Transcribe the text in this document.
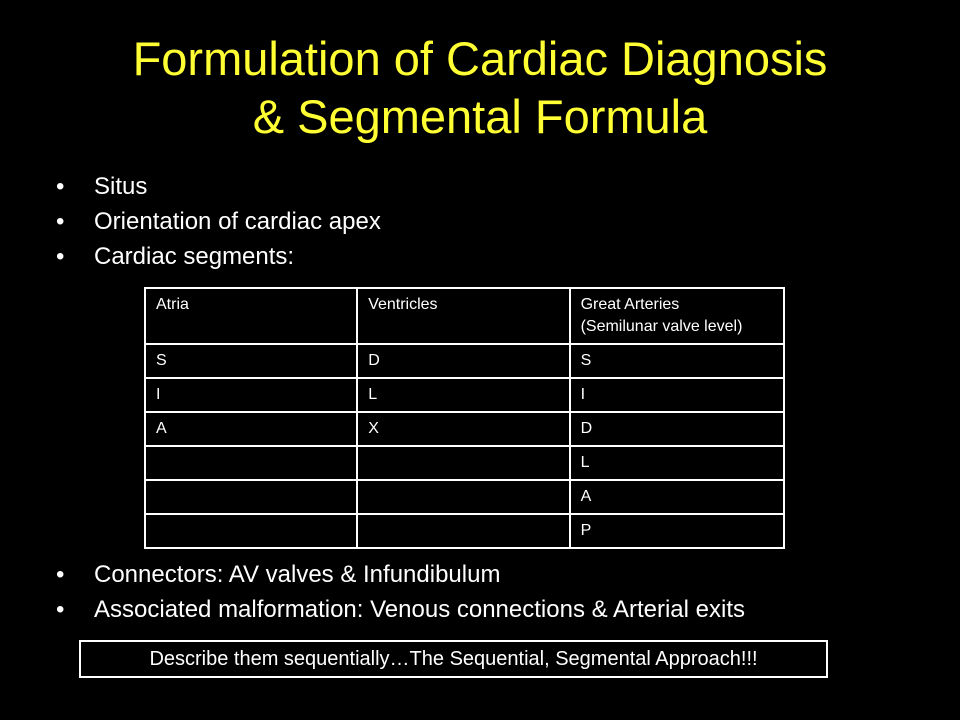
Formulation of Cardiac Diagnosis
& Segmental Formula
• Situs
• Orientation of cardiac apex
• Cardiac segments:
Atria	Ventricles	Great Arteries
(Semilunar valve level)

S	D	S
I	L	I
A	X	D
		L
		A
		P
• Connectors: AV valves & Infundibulum
• Associated malformation: Venous connections & Arterial exits
Describe them sequentially…The Sequential, Segmental Approach!!!
